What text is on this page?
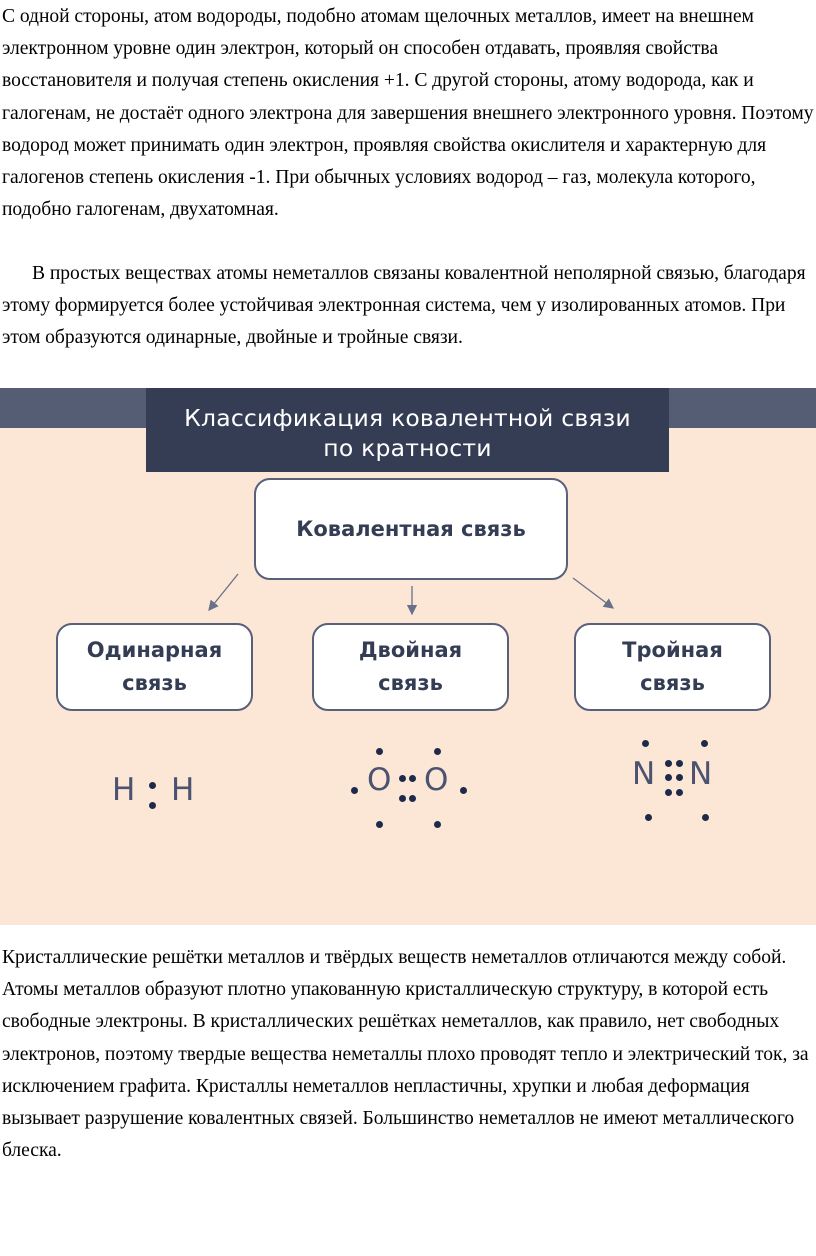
С одной стороны, атом водороды, подобно атомам щелочных металлов, имеет на внешнем электронном уровне один электрон, который он способен отдавать, проявляя свойства восстановителя и получая степень окисления +1. С другой стороны, атому водорода, как и галогенам, не достаёт одного электрона для завершения внешнего электронного уровня. Поэтому водород может принимать один электрон, проявляя свойства окислителя и характерную для галогенов степень окисления -1. При обычных условиях водород – газ, молекула которого, подобно галогенам, двухатомная.

В простых веществах атомы неметаллов связаны ковалентной неполярной связью, благодаря этому формируется более устойчивая электронная система, чем у изолированных атомов. При этом образуются одинарные, двойные и тройные связи.

Классификация ковалентной связи
по кратности
Ковалентная связь
Одинарная
связь
Двойная
связь
Тройная
связь
H H	O O	N N

Кристаллические решётки металлов и твёрдых веществ неметаллов отличаются между собой. Атомы металлов образуют плотно упакованную кристаллическую структуру, в которой есть свободные электроны. В кристаллических решётках неметаллов, как правило, нет свободных электронов, поэтому твердые вещества неметаллы плохо проводят тепло и электрический ток, за исключением графита. Кристаллы неметаллов непластичны, хрупки и любая деформация вызывает разрушение ковалентных связей. Большинство неметаллов не имеют металлического блеска.
